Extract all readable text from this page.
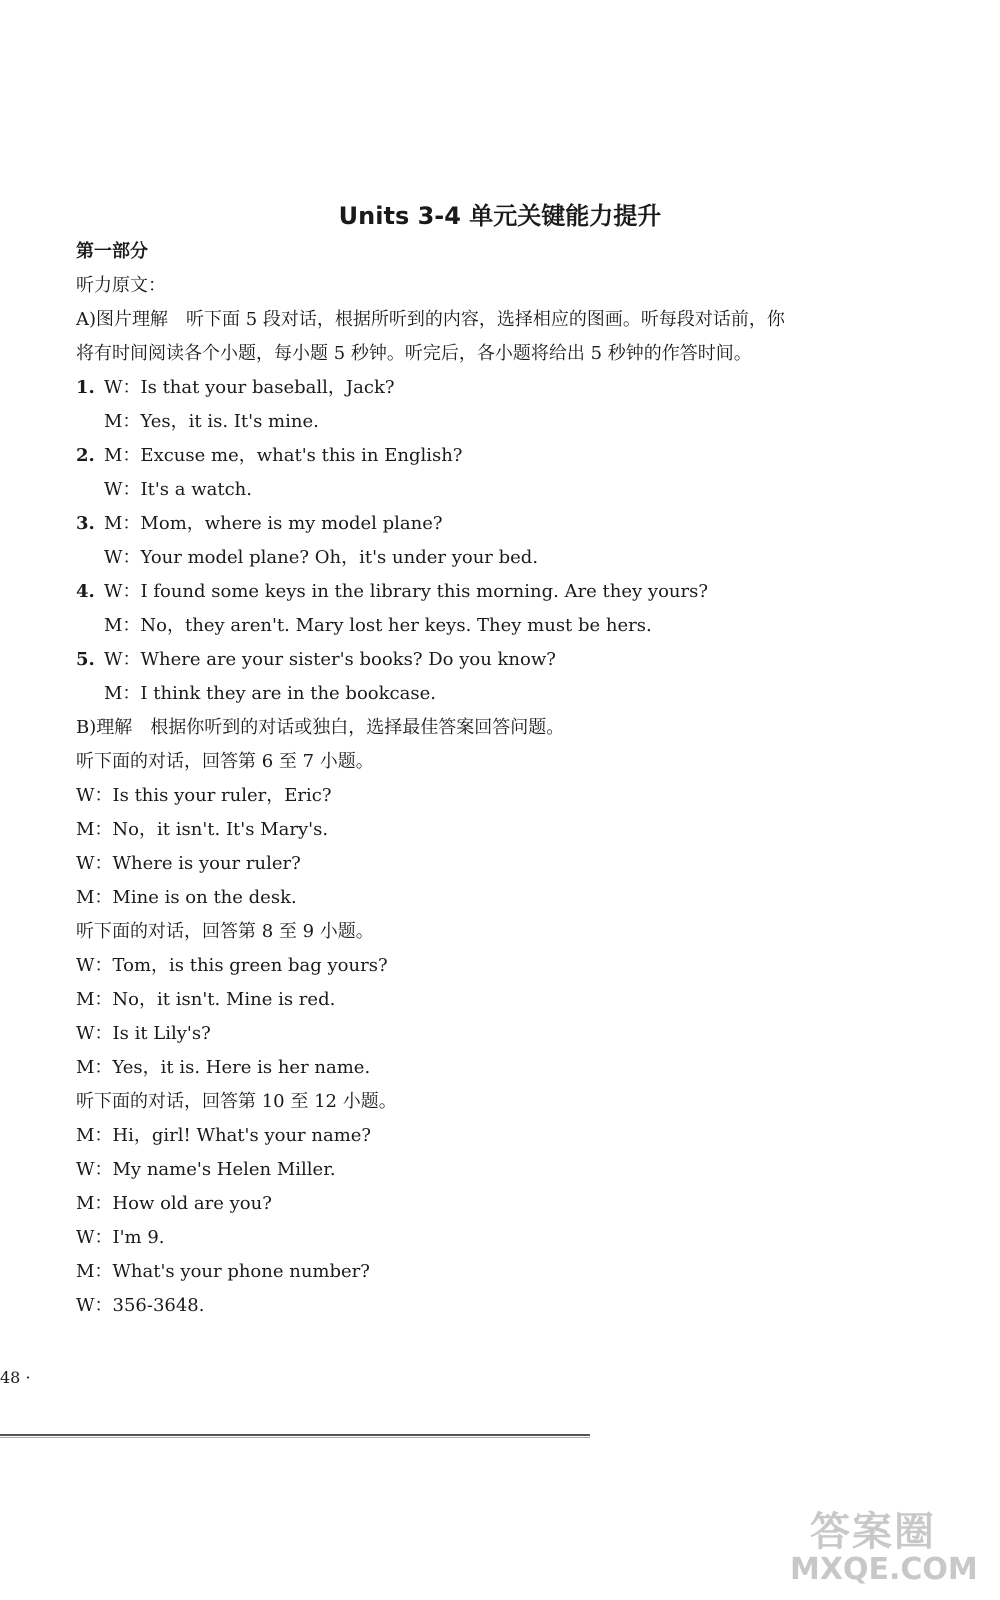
Units 3-4 单元关键能力提升
第一部分
听力原文：
A)图片理解　听下面 5 段对话，根据所听到的内容，选择相应的图画。听每段对话前，你
将有时间阅读各个小题，每小题 5 秒钟。听完后，各小题将给出 5 秒钟的作答时间。
1. W：Is that your baseball，Jack?
M：Yes，it is. It's mine.
2. M：Excuse me，what's this in English?
W：It's a watch.
3. M：Mom，where is my model plane?
W：Your model plane? Oh，it's under your bed.
4. W：I found some keys in the library this morning. Are they yours?
M：No，they aren't. Mary lost her keys. They must be hers.
5. W：Where are your sister's books? Do you know?
M：I think they are in the bookcase.
B)理解　根据你听到的对话或独白，选择最佳答案回答问题。
听下面的对话，回答第 6 至 7 小题。
W：Is this your ruler，Eric?
M：No，it isn't. It's Mary's.
W：Where is your ruler?
M：Mine is on the desk.
听下面的对话，回答第 8 至 9 小题。
W：Tom，is this green bag yours?
M：No，it isn't. Mine is red.
W：Is it Lily's?
M：Yes，it is. Here is her name.
听下面的对话，回答第 10 至 12 小题。
M：Hi，girl! What's your name?
W：My name's Helen Miller.
M：How old are you?
W：I'm 9.
M：What's your phone number?
W：356-3648.
48 ·
答案圈
MXQE.COM
